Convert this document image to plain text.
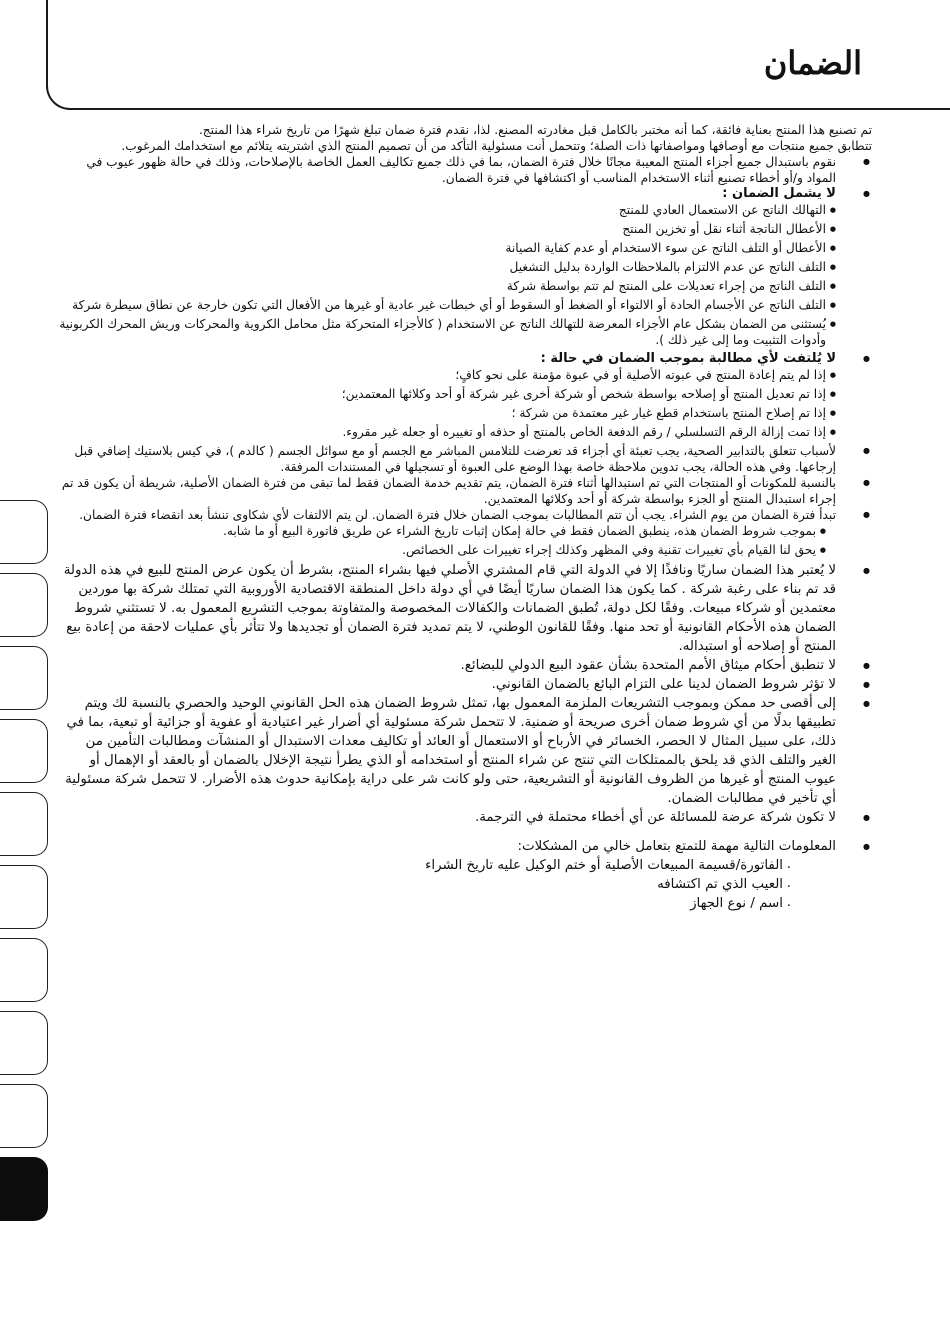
الضمان

تم تصنيع هذا المنتج بعناية فائقة، كما أنه مختبر بالكامل قبل مغادرته المصنع. لذا، نقدم فترة ضمان تبلغ شهرًا من تاريخ شراء هذا المنتج.

تتطابق جميع منتجات مع أوصافها ومواصفاتها ذات الصلة؛ وتتحمل أنت مسئولية التأكد من أن تصميم المنتج الذي اشتريته يتلائم مع استخدامك المرغوب.

● نقوم باستبدال جميع أجزاء المنتج المعيبة مجانًا خلال فترة الضمان، بما في ذلك جميع تكاليف العمل الخاصة بالإصلاحات، وذلك في حالة ظهور عيوب في المواد و/أو أخطاء تصنيع أثناء الاستخدام المناسب أو اكتشافها في فترة الضمان.
● لا يشمل الضمان :
● التهالك الناتج عن الاستعمال العادي للمنتج
● الأعطال الناتجة أثناء نقل أو تخزين المنتج
● الأعطال أو التلف الناتج عن سوء الاستخدام أو عدم كفاية الصيانة
● التلف الناتج عن عدم الالتزام بالملاحظات الواردة بدليل التشغيل
● التلف الناتج من إجراء تعديلات على المنتج لم تتم بواسطة شركة
● التلف الناتج عن الأجسام الحادة أو الالتواء أو الضغط أو السقوط أو أي خبطات غير عادية أو غيرها من الأفعال التي تكون خارجة عن نطاق سيطرة شركة
● يُستثنى من الضمان بشكل عام الأجزاء المعرضة للتهالك الناتج عن الاستخدام ( كالأجزاء المتحركة مثل محامل الكروية والمحركات وريش المحرك الكربونية وأدوات التثبيت وما إلى غير ذلك ).
● لا يُلتفت لأي مطالبة بموجب الضمان في حالة :
● إذا لم يتم إعادة المنتج في عبوته الأصلية أو في عبوة مؤمنة على نحو كافٍ؛
● إذا تم تعديل المنتج أو إصلاحه بواسطة شخص أو شركة أخرى غير شركة أو أحد وكلائها المعتمدين؛
● إذا تم إصلاح المنتج باستخدام قطع غيار غير معتمدة من شركة ؛
● إذا تمت إزالة الرقم التسلسلي / رقم الدفعة الخاص بالمنتج أو حذفه أو تغييره أو جعله غير مقروء.
● لأسباب تتعلق بالتدابير الصحية، يجب تعبئة أي أجزاء قد تعرضت للتلامس المباشر مع الجسم أو مع سوائل الجسم ( كالدم )، في كيس بلاستيك إضافي قبل إرجاعها. وفي هذه الحالة، يجب تدوين ملاحظة خاصة بهذا الوضع على العبوة أو تسجيلها في المستندات المرفقة.
● بالنسبة للمكونات أو المنتجات التي تم استبدالها أثناء فترة الضمان، يتم تقديم خدمة الضمان فقط لما تبقى من فترة الضمان الأصلية، شريطة أن يكون قد تم إجراء استبدال المنتج أو الجزء بواسطة شركة أو أحد وكلائها المعتمدين.
● تبدأ فترة الضمان من يوم الشراء. يجب أن تتم المطالبات بموجب الضمان خلال فترة الضمان. لن يتم الالتفات لأي شكاوى تنشأ بعد انقضاء فترة الضمان.
● بموجب شروط الضمان هذه، ينطبق الضمان فقط في حالة إمكان إثبات تاريخ الشراء عن طريق فاتورة البيع أو ما شابه.
● يحق لنا القيام بأي تغييرات تقنية وفي المظهر وكذلك إجراء تغييرات على الخصائص.
● لا يُعتبر هذا الضمان ساريًا ونافذًا إلا في الدولة التي قام المشتري الأصلي فيها بشراء المنتج، بشرط أن يكون عرض المنتج للبيع في هذه الدولة قد تم بناء على رغبة شركة . كما يكون هذا الضمان ساريًا أيضًا في أي دولة داخل المنطقة الاقتصادية الأوروبية التي تمتلك شركة بها موردين معتمدين أو شركاء مبيعات. وفقًا لكل دولة، تُطبق الضمانات والكفالات المخصوصة والمتفاوتة بموجب التشريع المعمول به. لا تستثني شروط الضمان هذه الأحكام القانونية أو تحد منها. وفقًا للقانون الوطني، لا يتم تمديد فترة الضمان أو تجديدها ولا تتأثر بأي عمليات لاحقة من إعادة بيع المنتج أو إصلاحه أو استبداله.
● لا تنطبق أحكام ميثاق الأمم المتحدة بشأن عقود البيع الدولي للبضائع.
● لا تؤثر شروط الضمان لدينا على التزام البائع بالضمان القانوني.
● إلى أقصى حد ممكن وبموجب التشريعات الملزمة المعمول بها، تمثل شروط الضمان هذه الحل القانوني الوحيد والحصري بالنسبة لك ويتم تطبيقها بدلًا من أي شروط ضمان أخرى صريحة أو ضمنية. لا تتحمل شركة مسئولية أي أضرار غير اعتيادية أو عفوية أو جزائية أو تبعية، بما في ذلك، على سبيل المثال لا الحصر، الخسائر في الأرباح أو الاستعمال أو العائد أو تكاليف معدات الاستبدال أو المنشآت ومطالبات التأمين من الغير والتلف الذي قد يلحق بالممتلكات التي تنتج عن شراء المنتج أو استخدامه أو الذي يطرأ نتيجة الإخلال بالضمان أو بالعقد أو الإهمال أو عيوب المنتج أو غيرها من الظروف القانونية أو التشريعية، حتى ولو كانت شر على دراية بإمكانية حدوث هذه الأضرار. لا تتحمل شركة مسئولية أي تأخير في مطالبات الضمان.
● لا تكون شركة عرضة للمسائلة عن أي أخطاء محتملة في الترجمة.
● المعلومات التالية مهمة للتمتع بتعامل خالي من المشكلات:
. الفاتورة/قسيمة المبيعات الأصلية أو ختم الوكيل عليه تاريخ الشراء
. العيب الذي تم اكتشافه
. اسم / نوع الجهاز
